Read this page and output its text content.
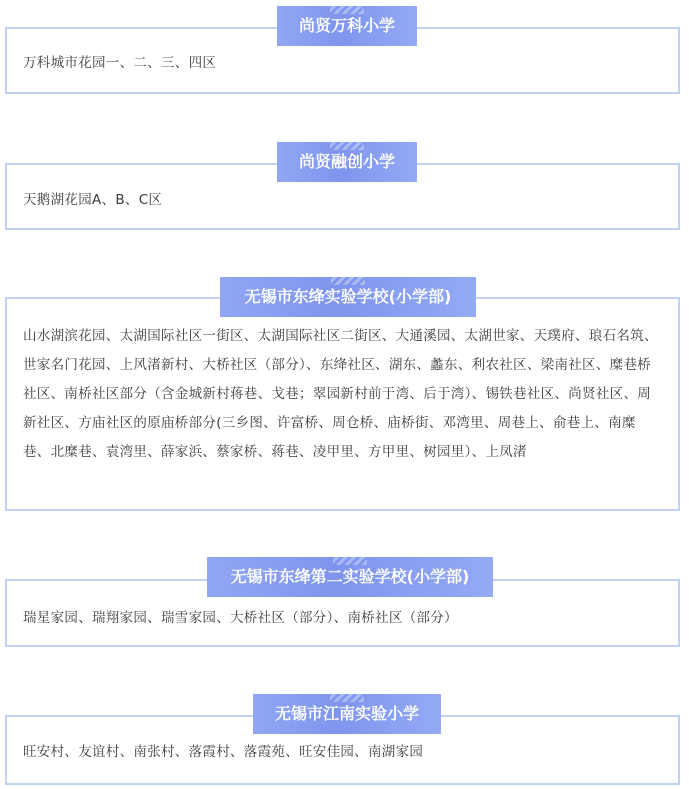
万科城市花园一、二、三、四区
尚贤万科小学
天鹅湖花园A、B、C区
尚贤融创小学
山水湖滨花园、太湖国际社区一街区、太湖国际社区二街区、大通溪园、太湖世家、天璞府、琅石名筑、世家名门花园、上风渚新村、大桥社区（部分）、东绛社区、湖东、蠡东、利农社区、梁南社区、糜巷桥社区、南桥社区部分（含金城新村蒋巷、戈巷；翠园新村前于湾、后于湾）、锡铁巷社区、尚贤社区、周新社区、方庙社区的原庙桥部分(三乡图、许富桥、周仓桥、庙桥街、邓湾里、周巷上、俞巷上、南糜巷、北糜巷、袁湾里、薛家浜、蔡家桥、蒋巷、凌甲里、方甲里、树园里）、上凤渚
无锡市东绛实验学校(小学部)
瑞星家园、瑞翔家园、瑞雪家园、大桥社区（部分）、南桥社区（部分）
无锡市东绛第二实验学校(小学部)
旺安村、友谊村、南张村、落霞村、落霞苑、旺安佳园、南湖家园
无锡市江南实验小学
